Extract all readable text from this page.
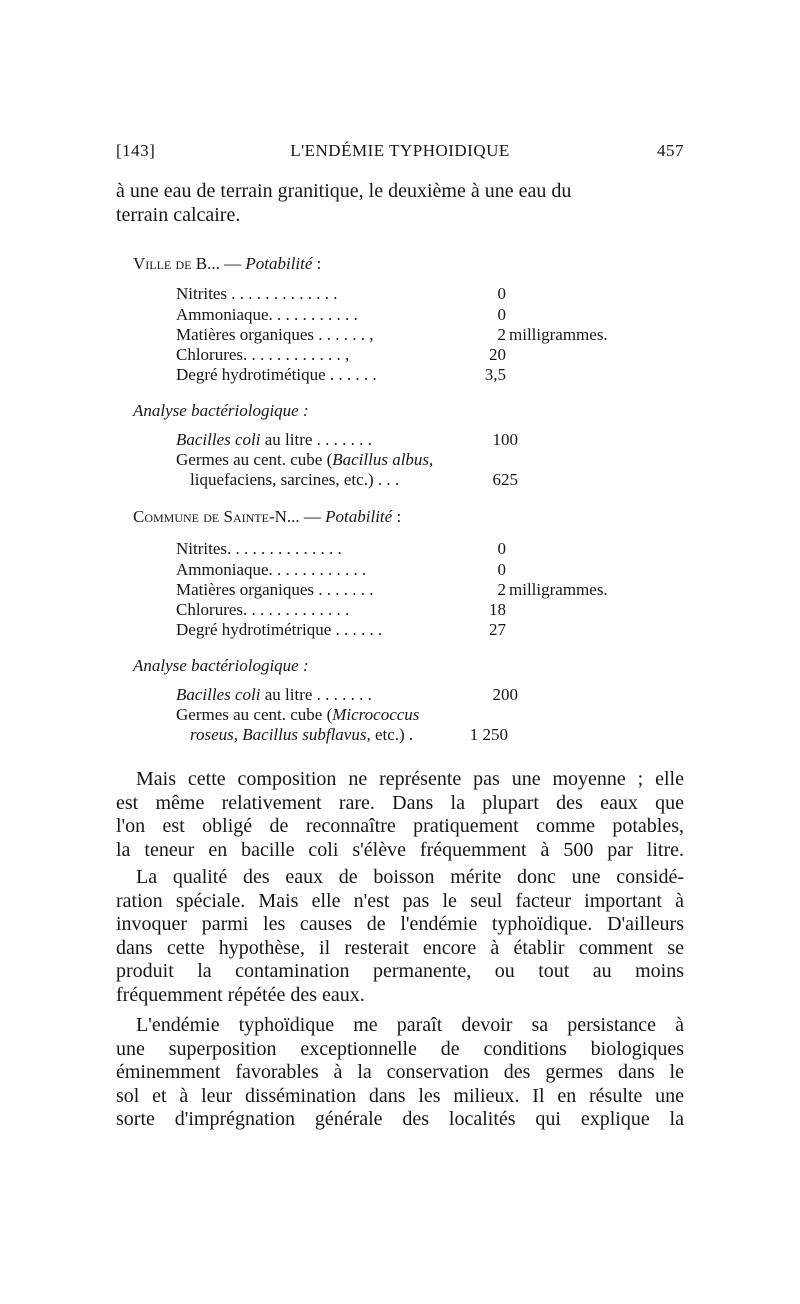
[143]	L'ENDÉMIE TYPHOIDIQUE	457
à une eau de terrain granitique, le deuxième à une eau du
terrain calcaire.
Ville de B... — Potabilité :
Nitrites . . . . . . . . . . . . .	0
Ammoniaque. . . . . . . . . . .	0
Matières organiques . . . . . . ,	2 milligrammes.
Chlorures. . . . . . . . . . . . ,	20
Degré hydrotimétique . . . . . .	3,5
Analyse bactériologique :
Bacilles coli au litre . . . . . . .	100
Germes au cent. cube (Bacillus albus,
liquefaciens, sarcines, etc.) . . .	625
Commune de Sainte-N... — Potabilité :
Nitrites. . . . . . . . . . . . . .	0
Ammoniaque. . . . . . . . . . . .	0
Matières organiques . . . . . . .	2 milligrammes.
Chlorures. . . . . . . . . . . . .	18
Degré hydrotimétrique . . . . . .	27
Analyse bactériologique :
Bacilles coli au litre . . . . . . .	200
Germes au cent. cube (Micrococcus
roseus, Bacillus subflavus, etc.) .	1 250
Mais cette composition ne représente pas une moyenne ; elle
est même relativement rare. Dans la plupart des eaux que
l'on est obligé de reconnaître pratiquement comme potables,
la teneur en bacille coli s'élève fréquemment à 500 par litre.
La qualité des eaux de boisson mérite donc une considé-
ration spéciale. Mais elle n'est pas le seul facteur important à
invoquer parmi les causes de l'endémie typhoïdique. D'ailleurs
dans cette hypothèse, il resterait encore à établir comment se
produit la contamination permanente, ou tout au moins
fréquemment répétée des eaux.
L'endémie typhoïdique me paraît devoir sa persistance à
une superposition exceptionnelle de conditions biologiques
éminemment favorables à la conservation des germes dans le
sol et à leur dissémination dans les milieux. Il en résulte une
sorte d'imprégnation générale des localités qui explique la
